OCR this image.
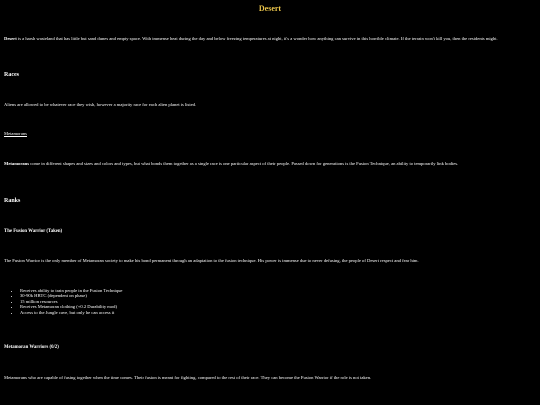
Desert
Desert is a harsh wasteland that has little but sand dunes and empty space. With immense heat during the day and below freezing temperatures at night, it's a wonder how anything can survive in this horrible climate. If the terrain won't kill you, then the residents might.
Races
Aliens are allowed to be whatever race they wish, however a majority race for each alien planet is listed.
Metamorans
Metamorans come in different shapes and sizes and colors and types, but what bonds them together as a single race is one particular aspect of their people. Passed down for generations is the Fusion Technique, an ability to temporarily link bodies.
Ranks
The Fusion Warrior (Taken)
The Fusion Warrior is the only member of Metamoran society to make his bond permanent through an adaptation to the fusion technique. His power is immense due to never defusing, the people of Desert respect and fear him.
• Receives ability to train people in the Fusion Technique
• 30-90k HBTC (dependent on phase)
• 15 million resources
• Receives Metamoran clothing (+0.2 Durability mod)
• Access to the Jungle cave, but only he can access it
Metamoran Warriors (0/2)
Metamorans who are capable of fusing together when the time comes. Their fusion is meant for fighting, compared to the rest of their race. They can become the Fusion Warrior if the role is not taken.
